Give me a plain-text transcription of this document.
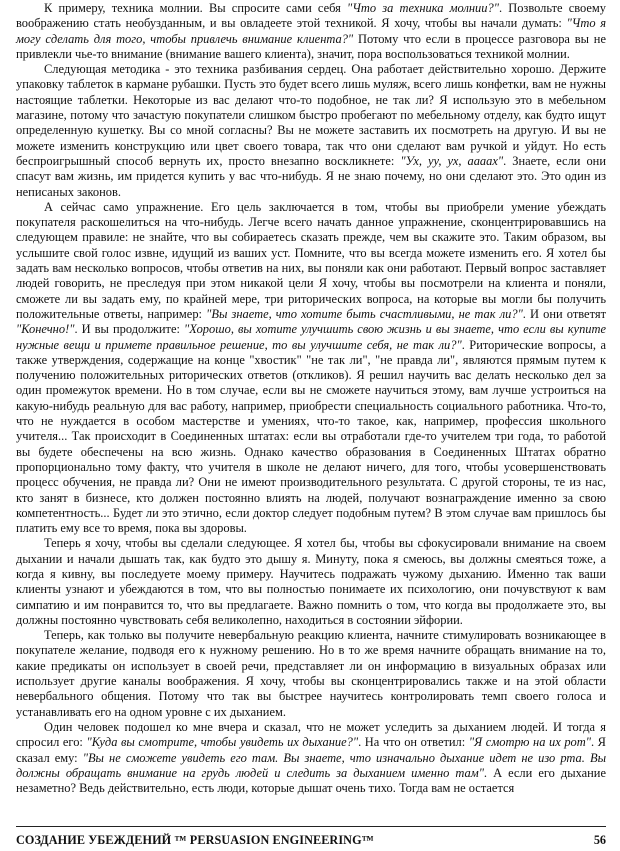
К примеру, техника молнии. Вы спросите сами себя "Что за техника молнии?". Позвольте своему воображению стать необузданным, и вы овладеете этой техникой. Я хочу, чтобы вы начали думать: "Что я могу сделать для того, чтобы привлечь внимание клиента?" Потому что если в процессе разговора вы не привлекли чье-то внимание (внимание вашего клиента), значит, пора воспользоваться техникой молнии.

Следующая методика - это техника разбивания сердец. Она работает действительно хорошо. Держите упаковку таблеток в кармане рубашки. Пусть это будет всего лишь муляж, всего лишь конфетки, вам не нужны настоящие таблетки. Некоторые из вас делают что-то подобное, не так ли? Я использую это в мебельном магазине, потому что зачастую покупатели слишком быстро пробегают по мебельному отделу, как будто ищут определенную кушетку. Вы со мной согласны? Вы не можете заставить их посмотреть на другую. И вы не можете изменить конструкцию или цвет своего товара, так что они сделают вам ручкой и уйдут. Но есть беспроигрышный способ вернуть их, просто внезапно воскликнете: "Ух, уу, ух, аааах". Знаете, если они спасут вам жизнь, им придется купить у вас что-нибудь. Я не знаю почему, но они сделают это. Это один из неписаных законов.

А сейчас само упражнение. Его цель заключается в том, чтобы вы приобрели умение убеждать покупателя раскошелиться на что-нибудь. Легче всего начать данное упражнение, сконцентрировавшись на следующем правиле: не знайте, что вы собираетесь сказать прежде, чем вы скажите это. Таким образом, вы услышите свой голос извне, идущий из ваших уст. Помните, что вы всегда можете изменить его. Я хотел бы задать вам несколько вопросов, чтобы ответив на них, вы поняли как они работают. Первый вопрос заставляет людей говорить, не преследуя при этом никакой цели Я хочу, чтобы вы посмотрели на клиента и поняли, сможете ли вы задать ему, по крайней мере, три риторических вопроса, на которые вы могли бы получить положительные ответы, например: "Вы знаете, что хотите быть счастливыми, не так ли?". И они ответят "Конечно!". И вы продолжите: "Хорошо, вы хотите улучшить свою жизнь и вы знаете, что если вы купите нужные вещи и примете правильное решение, то вы улучшите себя, не так ли?". Риторические вопросы, а также утверждения, содержащие на конце "хвостик" "не так ли", "не правда ли", являются прямым путем к получению положительных риторических ответов (откликов). Я решил научить вас делать несколько дел за один промежуток времени. Но в том случае, если вы не сможете научиться этому, вам лучше устроиться на какую-нибудь реальную для вас работу, например, приобрести специальность социального работника. Что-то, что не нуждается в особом мастерстве и умениях, что-то такое, как, например, профессия школьного учителя... Так происходит в Соединенных штатах: если вы отработали где-то учителем три года, то работой вы будете обеспечены на всю жизнь. Однако качество образования в Соединенных Штатах обратно пропорционально тому факту, что учителя в школе не делают ничего, для того, чтобы усовершенствовать процесс обучения, не правда ли? Они не имеют производительного результата. С другой стороны, те из нас, кто занят в бизнесе, кто должен постоянно влиять на людей, получают вознаграждение именно за свою компетентность... Будет ли это этично, если доктор следует подобным путем? В этом случае вам пришлось бы платить ему все то время, пока вы здоровы.

Теперь я хочу, чтобы вы сделали следующее. Я хотел бы, чтобы вы сфокусировали внимание на своем дыхании и начали дышать так, как будто это дышу я. Минуту, пока я смеюсь, вы должны смеяться тоже, а когда я кивну, вы последуете моему примеру. Научитесь подражать чужому дыханию. Именно так ваши клиенты узнают и убеждаются в том, что вы полностью понимаете их психологию, они почувствуют к вам симпатию и им понравится то, что вы предлагаете. Важно помнить о том, что когда вы продолжаете это, вы должны постоянно чувствовать себя великолепно, находиться в состоянии эйфории.

Теперь, как только вы получите невербальную реакцию клиента, начните стимулировать возникающее в покупателе желание, подводя его к нужному решению. Но в то же время начните обращать внимание на то, какие предикаты он использует в своей речи, представляет ли он информацию в визуальных образах или использует другие каналы воображения. Я хочу, чтобы вы сконцентрировались также и на этой области невербального общения. Потому что так вы быстрее научитесь контролировать темп своего голоса и устанавливать его на одном уровне с их дыханием.

Один человек подошел ко мне вчера и сказал, что не может уследить за дыханием людей. И тогда я спросил его: "Куда вы смотрите, чтобы увидеть их дыхание?". На что он ответил: "Я смотрю на их рот". Я сказал ему: "Вы не сможете увидеть его там. Вы знаете, что изначально дыхание идет не изо рта. Вы должны обращать внимание на грудь людей и следить за дыханием именно там". А если его дыхание незаметно? Ведь действительно, есть люди, которые дышат очень тихо. Тогда вам не остается

СОЗДАНИЕ УБЕЖДЕНИЙ ™ PERSUASION ENGINEERING™	56
